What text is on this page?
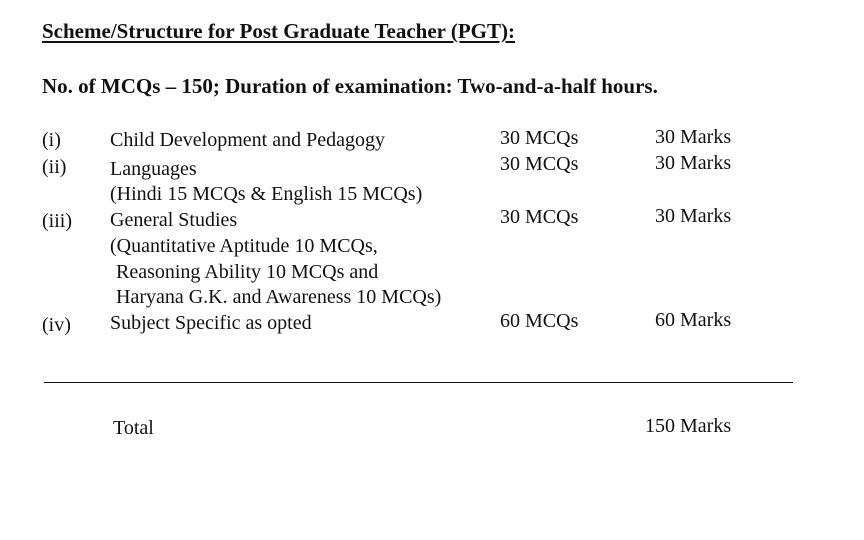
Scheme/Structure for Post Graduate Teacher (PGT):
No. of MCQs – 150; Duration of examination: Two-and-a-half hours.
(i) Child Development and Pedagogy	30 MCQs	30 Marks
(ii) Languages	30 MCQs	30 Marks
(Hindi 15 MCQs & English 15 MCQs)
(iii) General Studies	30 MCQs	30 Marks
(Quantitative Aptitude 10 MCQs,
Reasoning Ability 10 MCQs and
Haryana G.K. and Awareness 10 MCQs)
(iv) Subject Specific as opted	60 MCQs	60 Marks
Total	150 Marks
